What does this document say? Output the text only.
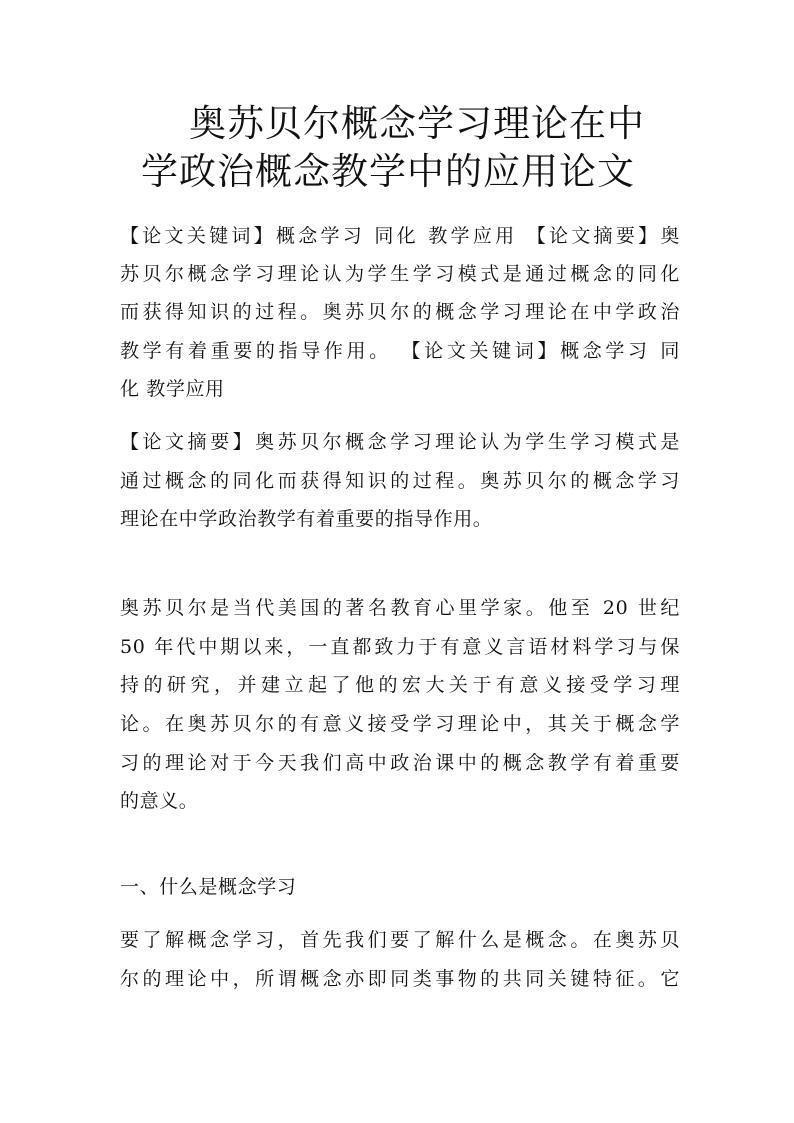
奥苏贝尔概念学习理论在中
学政治概念教学中的应用论文
【论文关键词】概念学习 同化 教学应用 【论文摘要】奥
苏贝尔概念学习理论认为学生学习模式是通过概念的同化
而获得知识的过程。奥苏贝尔的概念学习理论在中学政治
教学有着重要的指导作用。 【论文关键词】概念学习 同
化 教学应用
【论文摘要】奥苏贝尔概念学习理论认为学生学习模式是
通过概念的同化而获得知识的过程。奥苏贝尔的概念学习
理论在中学政治教学有着重要的指导作用。
奥苏贝尔是当代美国的著名教育心里学家。他至 20 世纪
50 年代中期以来，一直都致力于有意义言语材料学习与保
持的研究，并建立起了他的宏大关于有意义接受学习理
论。在奥苏贝尔的有意义接受学习理论中，其关于概念学
习的理论对于今天我们高中政治课中的概念教学有着重要
的意义。
一、什么是概念学习
要了解概念学习，首先我们要了解什么是概念。在奥苏贝
尔的理论中，所谓概念亦即同类事物的共同关键特征。它
